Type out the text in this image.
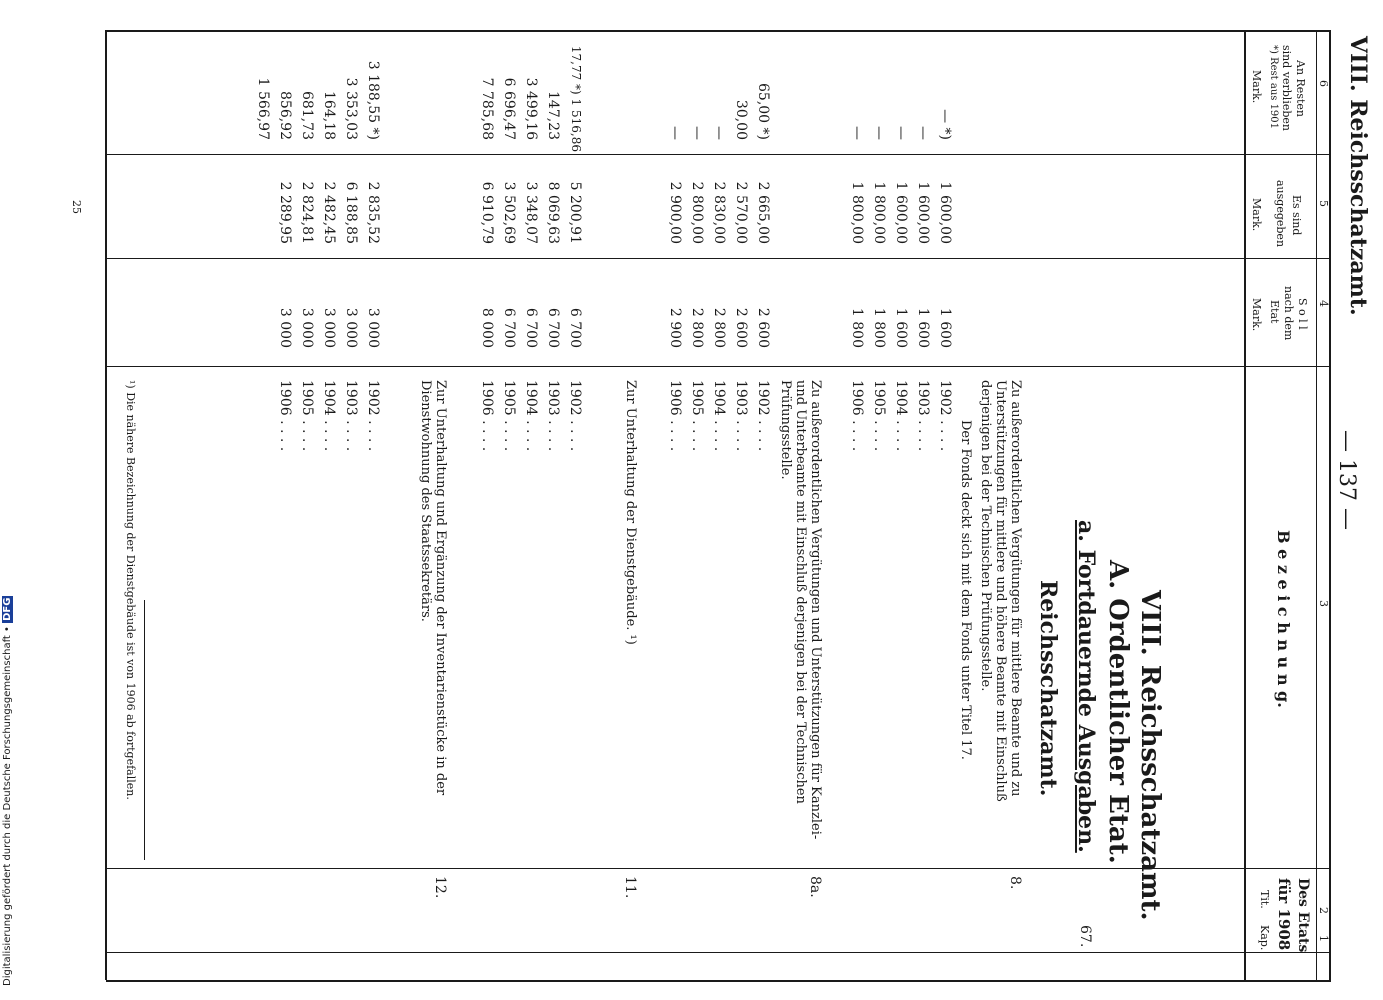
VIII. Reichsschatzamt.
— 137 —
1
2
3
4
5
6
Des Etats
für 1908
Kap.
Tit.
B e z e i c h n u n g.
S o l l
nach dem
Etat
Mark.
Es sind
ausgegeben
Mark.
An Resten
sind verblieben
*) Rest aus 1901
Mark.
67.
VIII. Reichsschatzamt.
A. Ordentlicher Etat.
a. Fortdauernde Ausgaben.
Reichsschatzamt.
8.
Zu außerordentlichen Vergütungen für mittlere Beamte und zu Unterstützungen für mittlere und höhere Beamte mit Einschluß derjenigen bei der Technischen Prüfungsstelle.
Der Fonds deckt sich mit dem Fonds unter Titel 17.
1902 . . . .
1 600
1 600,00
— *)
1903 . . . .
1 600
1 600,00
—
1904 . . . .
1 600
1 600,00
—
1905 . . . .
1 800
1 800,00
—
1906 . . . .
1 800
1 800,00
—
8a.
Zu außerordentlichen Vergütungen und Unterstützungen für Kanzlei- und Unterbeamte mit Einschluß derjenigen bei der Technischen Prüfungsstelle.
1902 . . . .
2 600
2 665,00
65,00 *)
1903 . . . .
2 600
2 570,00
30,00
1904 . . . .
2 800
2 830,00
—
1905 . . . .
2 800
2 800,00
—
1906 . . . .
2 900
2 900,00
—
11.
Zur Unterhaltung der Dienstgebäude. ¹)
1902 . . . .
6 700
5 200,91
17,77 *) 1 516,86
1903 . . . .
6 700
8 069,63
147,23
1904 . . . .
6 700
3 348,07
3 499,16
1905 . . . .
6 700
3 502,69
6 696,47
1906 . . . .
8 000
6 910,79
7 785,68
12.
Zur Unterhaltung und Ergänzung der Inventarienstücke in der Dienstwohnung des Staatssekretärs.
1902 . . . .
3 000
2 835,52
3 188,55 *)
1903 . . . .
3 000
6 188,85
3 353,03
1904 . . . .
3 000
2 482,45
164,18
1905 . . . .
3 000
2 824,81
681,73
1906 . . . .
3 000
2 289,95
856,92
1 566,97
¹) Die nähere Bezeichnung der Dienstgebäude ist von 1906 ab fortgefallen.
25
Digitalisierung gefördert durch die Deutsche Forschungsgemeinschaft • DFG
